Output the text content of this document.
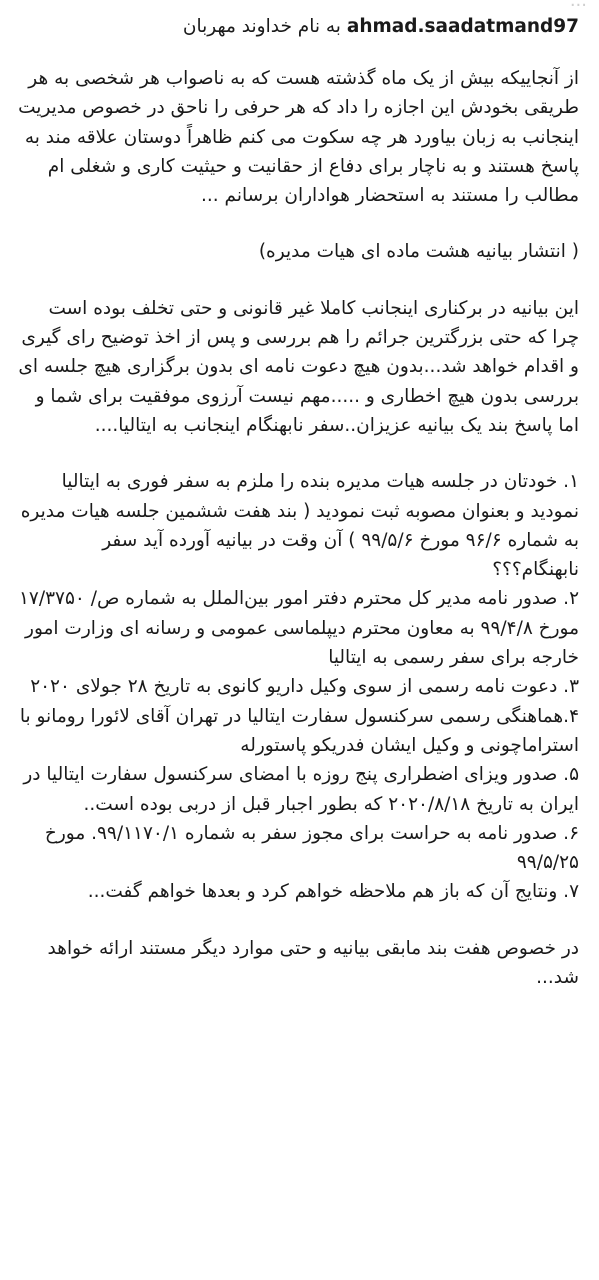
...
ahmad.saadatmand97 به نام خداوند مهربان

از آنجاییکه بیش از یک ماه گذشته هست که به ناصواب هر شخصی به هر طریقی بخودش این اجازه را داد که هر حرفی را ناحق در خصوص مدیریت اینجانب به زبان بیاورد هر چه سکوت می کنم ظاهراً دوستان علاقه مند به پاسخ هستند و به ناچار برای دفاع از حقانیت و حیثیت کاری و شغلی ام مطالب را مستند به استحضار هواداران برسانم ...

( انتشار بیانیه هشت ماده ای هیات مدیره)

این بیانیه در برکناری اینجانب کاملا غیر قانونی و حتی تخلف بوده است چرا که حتی بزرگترین جرائم را هم بررسی و پس از اخذ توضیح رای گیری و اقدام خواهد شد...بدون هیچ دعوت نامه ای بدون برگزاری هیچ جلسه ای بررسی بدون هیچ اخطاری و .....مهم نیست آرزوی موفقیت برای شما و اما پاسخ بند یک بیانیه عزیزان..سفر نابهنگام اینجانب به ایتالیا....

۱. خودتان در جلسه هیات مدیره بنده را ملزم به سفر فوری به ایتالیا نمودید و بعنوان مصوبه ثبت نمودید ( بند هفت ششمین جلسه هیات مدیره به شماره ۹۶/۶ مورخ ۹۹/۵/۶ ) آن وقت در بیانیه آورده آید سفر نابهنگام؟؟؟
۲. صدور نامه مدیر کل محترم دفتر امور بین‌الملل به شماره ص/ ۱۷/۳۷۵۰ مورخ ۹۹/۴/۸ به معاون محترم دیپلماسی عمومی و رسانه ای وزارت امور خارجه برای سفر رسمی به ایتالیا
۳. دعوت نامه رسمی از سوی وکیل داریو کانوی به تاریخ ۲۸ جولای ۲۰۲۰
۴.هماهنگی رسمی سرکنسول سفارت ایتالیا در تهران آقای لائورا رومانو با استراماچونی و وکیل ایشان فدریکو پاستورله
۵. صدور ویزای اضطراری پنج روزه با امضای سرکنسول سفارت ایتالیا در ایران به تاریخ ۲۰۲۰/۸/۱۸ که بطور اجبار قبل از دربی بوده است..
۶. صدور نامه به حراست برای مجوز سفر به شماره ۹۹/۱۱۷۰/۱. مورخ ۹۹/۵/۲۵
۷. ونتایج آن که باز هم ملاحظه خواهم کرد و بعدها خواهم گفت...

در خصوص هفت بند مابقی بیانیه و حتی موارد دیگر مستند ارائه خواهد شد...
